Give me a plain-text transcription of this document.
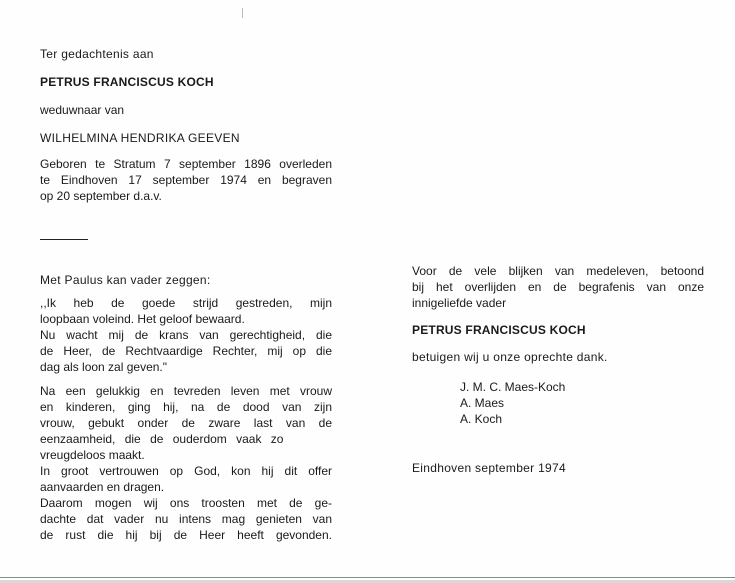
Ter gedachtenis aan

PETRUS FRANCISCUS KOCH

weduwnaar van

WILHELMINA HENDRIKA GEEVEN

Geboren te Stratum 7 september 1896 overleden

te Eindhoven 17 september 1974 en begraven

op 20 september d.a.v.

Met Paulus kan vader zeggen:

,,Ik heb de goede strijd gestreden, mijn

loopbaan voleind. Het geloof bewaard.

Nu wacht mij de krans van gerechtigheid, die

de Heer, de Rechtvaardige Rechter, mij op die

dag als loon zal geven."

Na een gelukkig en tevreden leven met vrouw

en kinderen, ging hij, na de dood van zijn

vrouw, gebukt onder de zware last van de

eenzaamheid, die de ouderdom vaak zo

vreugdeloos maakt.

In groot vertrouwen op God, kon hij dit offer

aanvaarden en dragen.

Daarom mogen wij ons troosten met de ge-

dachte dat vader nu intens mag genieten van

de rust die hij bij de Heer heeft gevonden.

Voor de vele blijken van medeleven, betoond

bij het overlijden en de begrafenis van onze

innigeliefde vader

PETRUS FRANCISCUS KOCH

betuigen wij u onze oprechte dank.

J. M. C. Maes-Koch

A. Maes

A. Koch

Eindhoven september 1974
